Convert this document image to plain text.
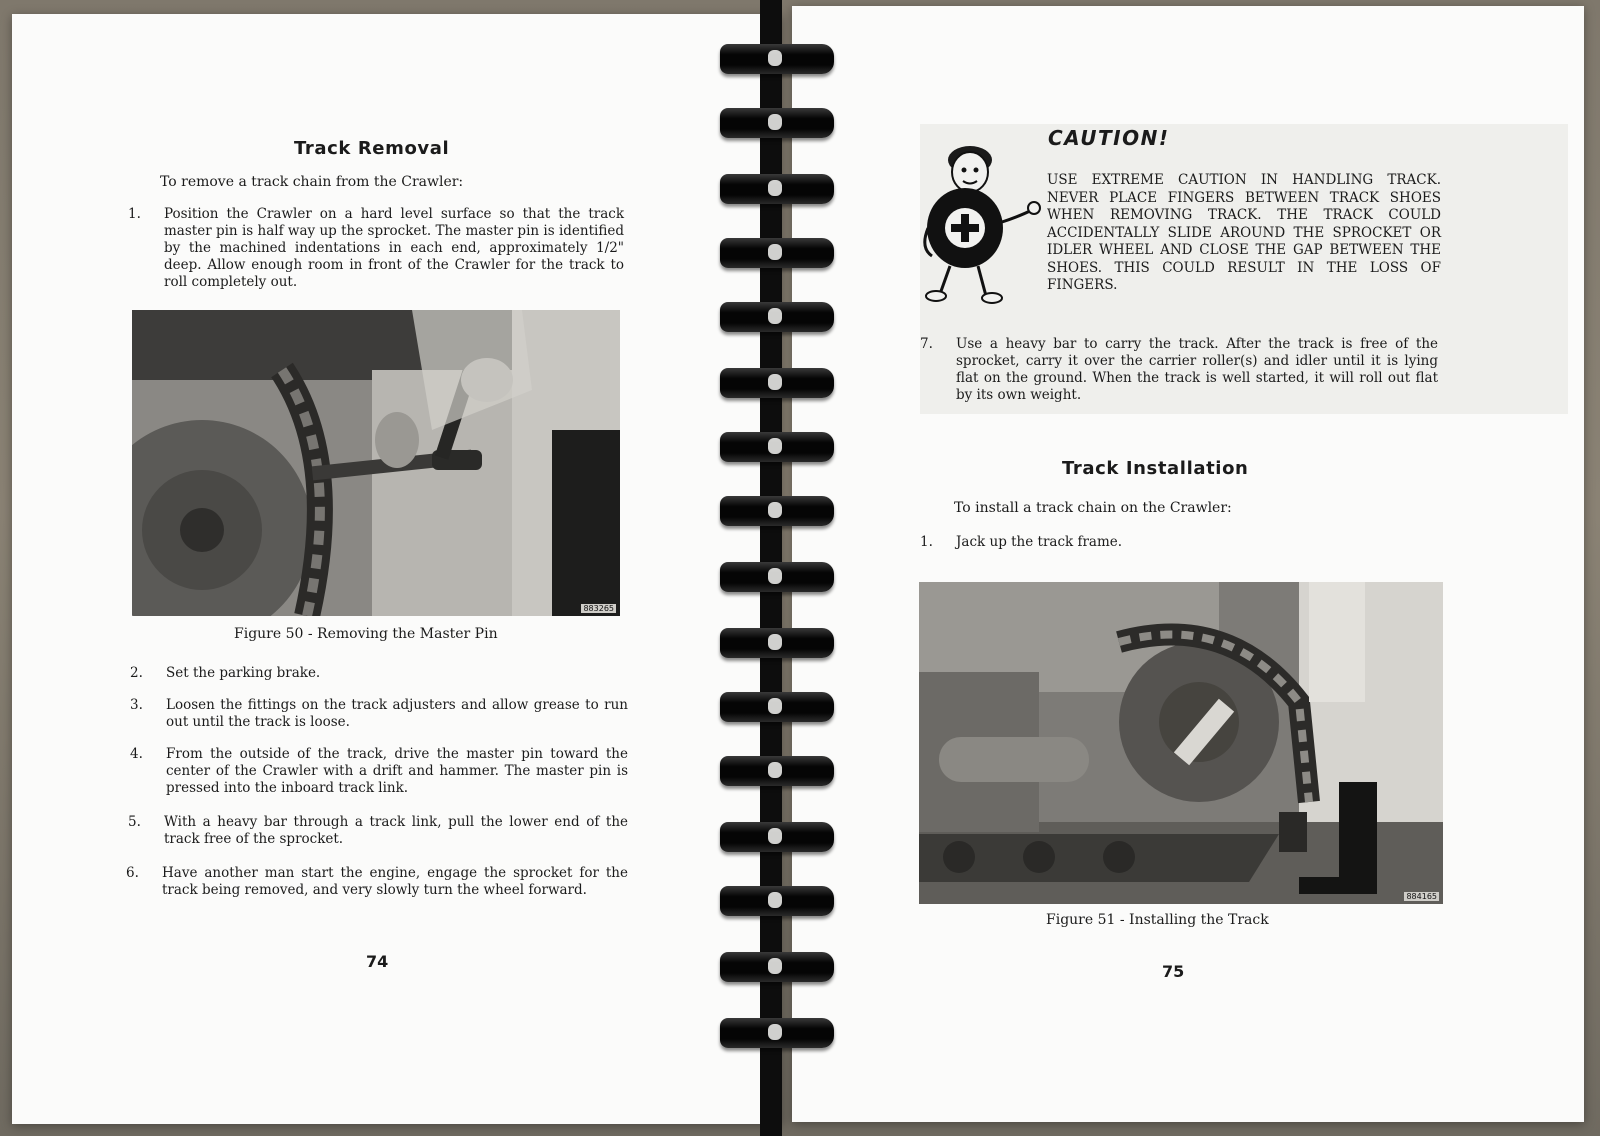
Track Removal
To remove a track chain from the Crawler:
1. Position the Crawler on a hard level surface so that the track master pin is half way up the sprocket. The master pin is identified by the machined indentations in each end, approximately 1/2" deep. Allow enough room in front of the Crawler for the track to roll completely out.
883265
Figure 50 - Removing the Master Pin
2. Set the parking brake.
3. Loosen the fittings on the track adjusters and allow grease to run out until the track is loose.
4. From the outside of the track, drive the master pin toward the center of the Crawler with a drift and hammer. The master pin is pressed into the inboard track link.
5. With a heavy bar through a track link, pull the lower end of the track free of the sprocket.
6. Have another man start the engine, engage the sprocket for the track being removed, and very slowly turn the wheel forward.
74
USE EXTREME CAUTION IN HANDLING TRACK. NEVER PLACE FINGERS BETWEEN TRACK SHOES WHEN REMOVING TRACK. THE TRACK COULD ACCIDENTALLY SLIDE AROUND THE SPROCKET OR IDLER WHEEL AND CLOSE THE GAP BETWEEN THE SHOES. THIS COULD RESULT IN THE LOSS OF FINGERS.
7. Use a heavy bar to carry the track. After the track is free of the sprocket, carry it over the carrier roller(s) and idler until it is lying flat on the ground. When the track is well started, it will roll out flat by its own weight.
Track Installation
To install a track chain on the Crawler:
1. Jack up the track frame.
884165
Figure 51 - Installing the Track
75
